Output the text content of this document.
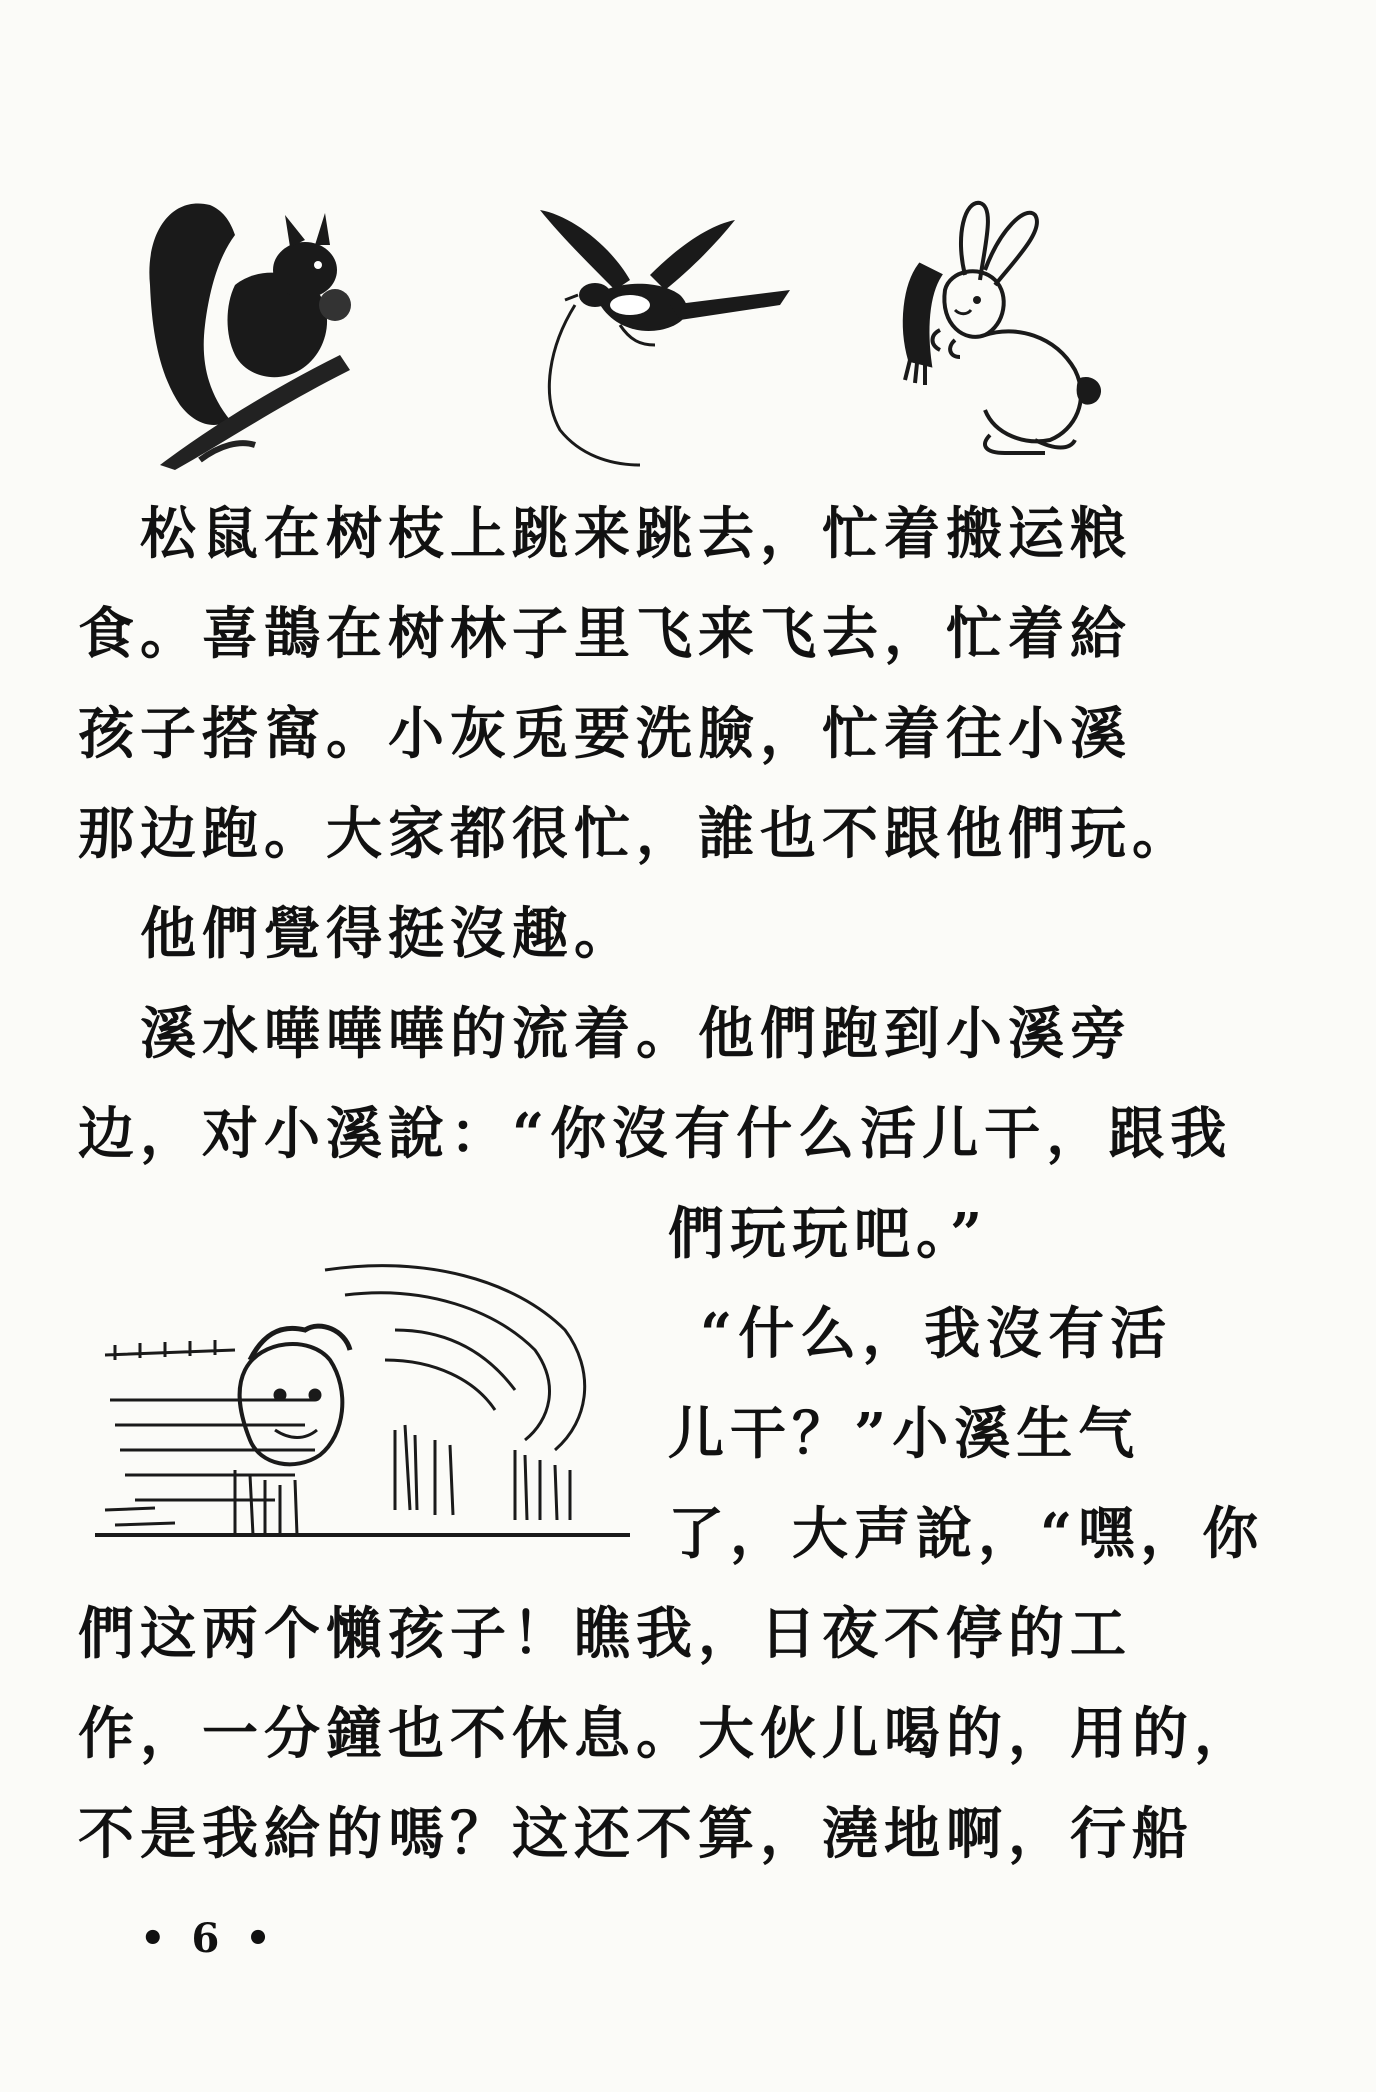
松鼠在树枝上跳来跳去，忙着搬运粮
食。喜鵲在树林子里飞来飞去，忙着給
孩子搭窩。小灰兎要洗臉，忙着往小溪
那边跑。大家都很忙，誰也不跟他們玩。
他們覺得挺沒趣。
溪水嘩嘩嘩的流着。他們跑到小溪旁
边，对小溪說：“你沒有什么活儿干，跟我
們玩玩吧。”
“什么，我沒有活
儿干？”小溪生气
了，大声說，“嘿，你
們这两个懶孩子！瞧我，日夜不停的工
作，一分鐘也不休息。大伙儿喝的，用的，
不是我給的嗎？这还不算，澆地啊，行船
• 6 •
